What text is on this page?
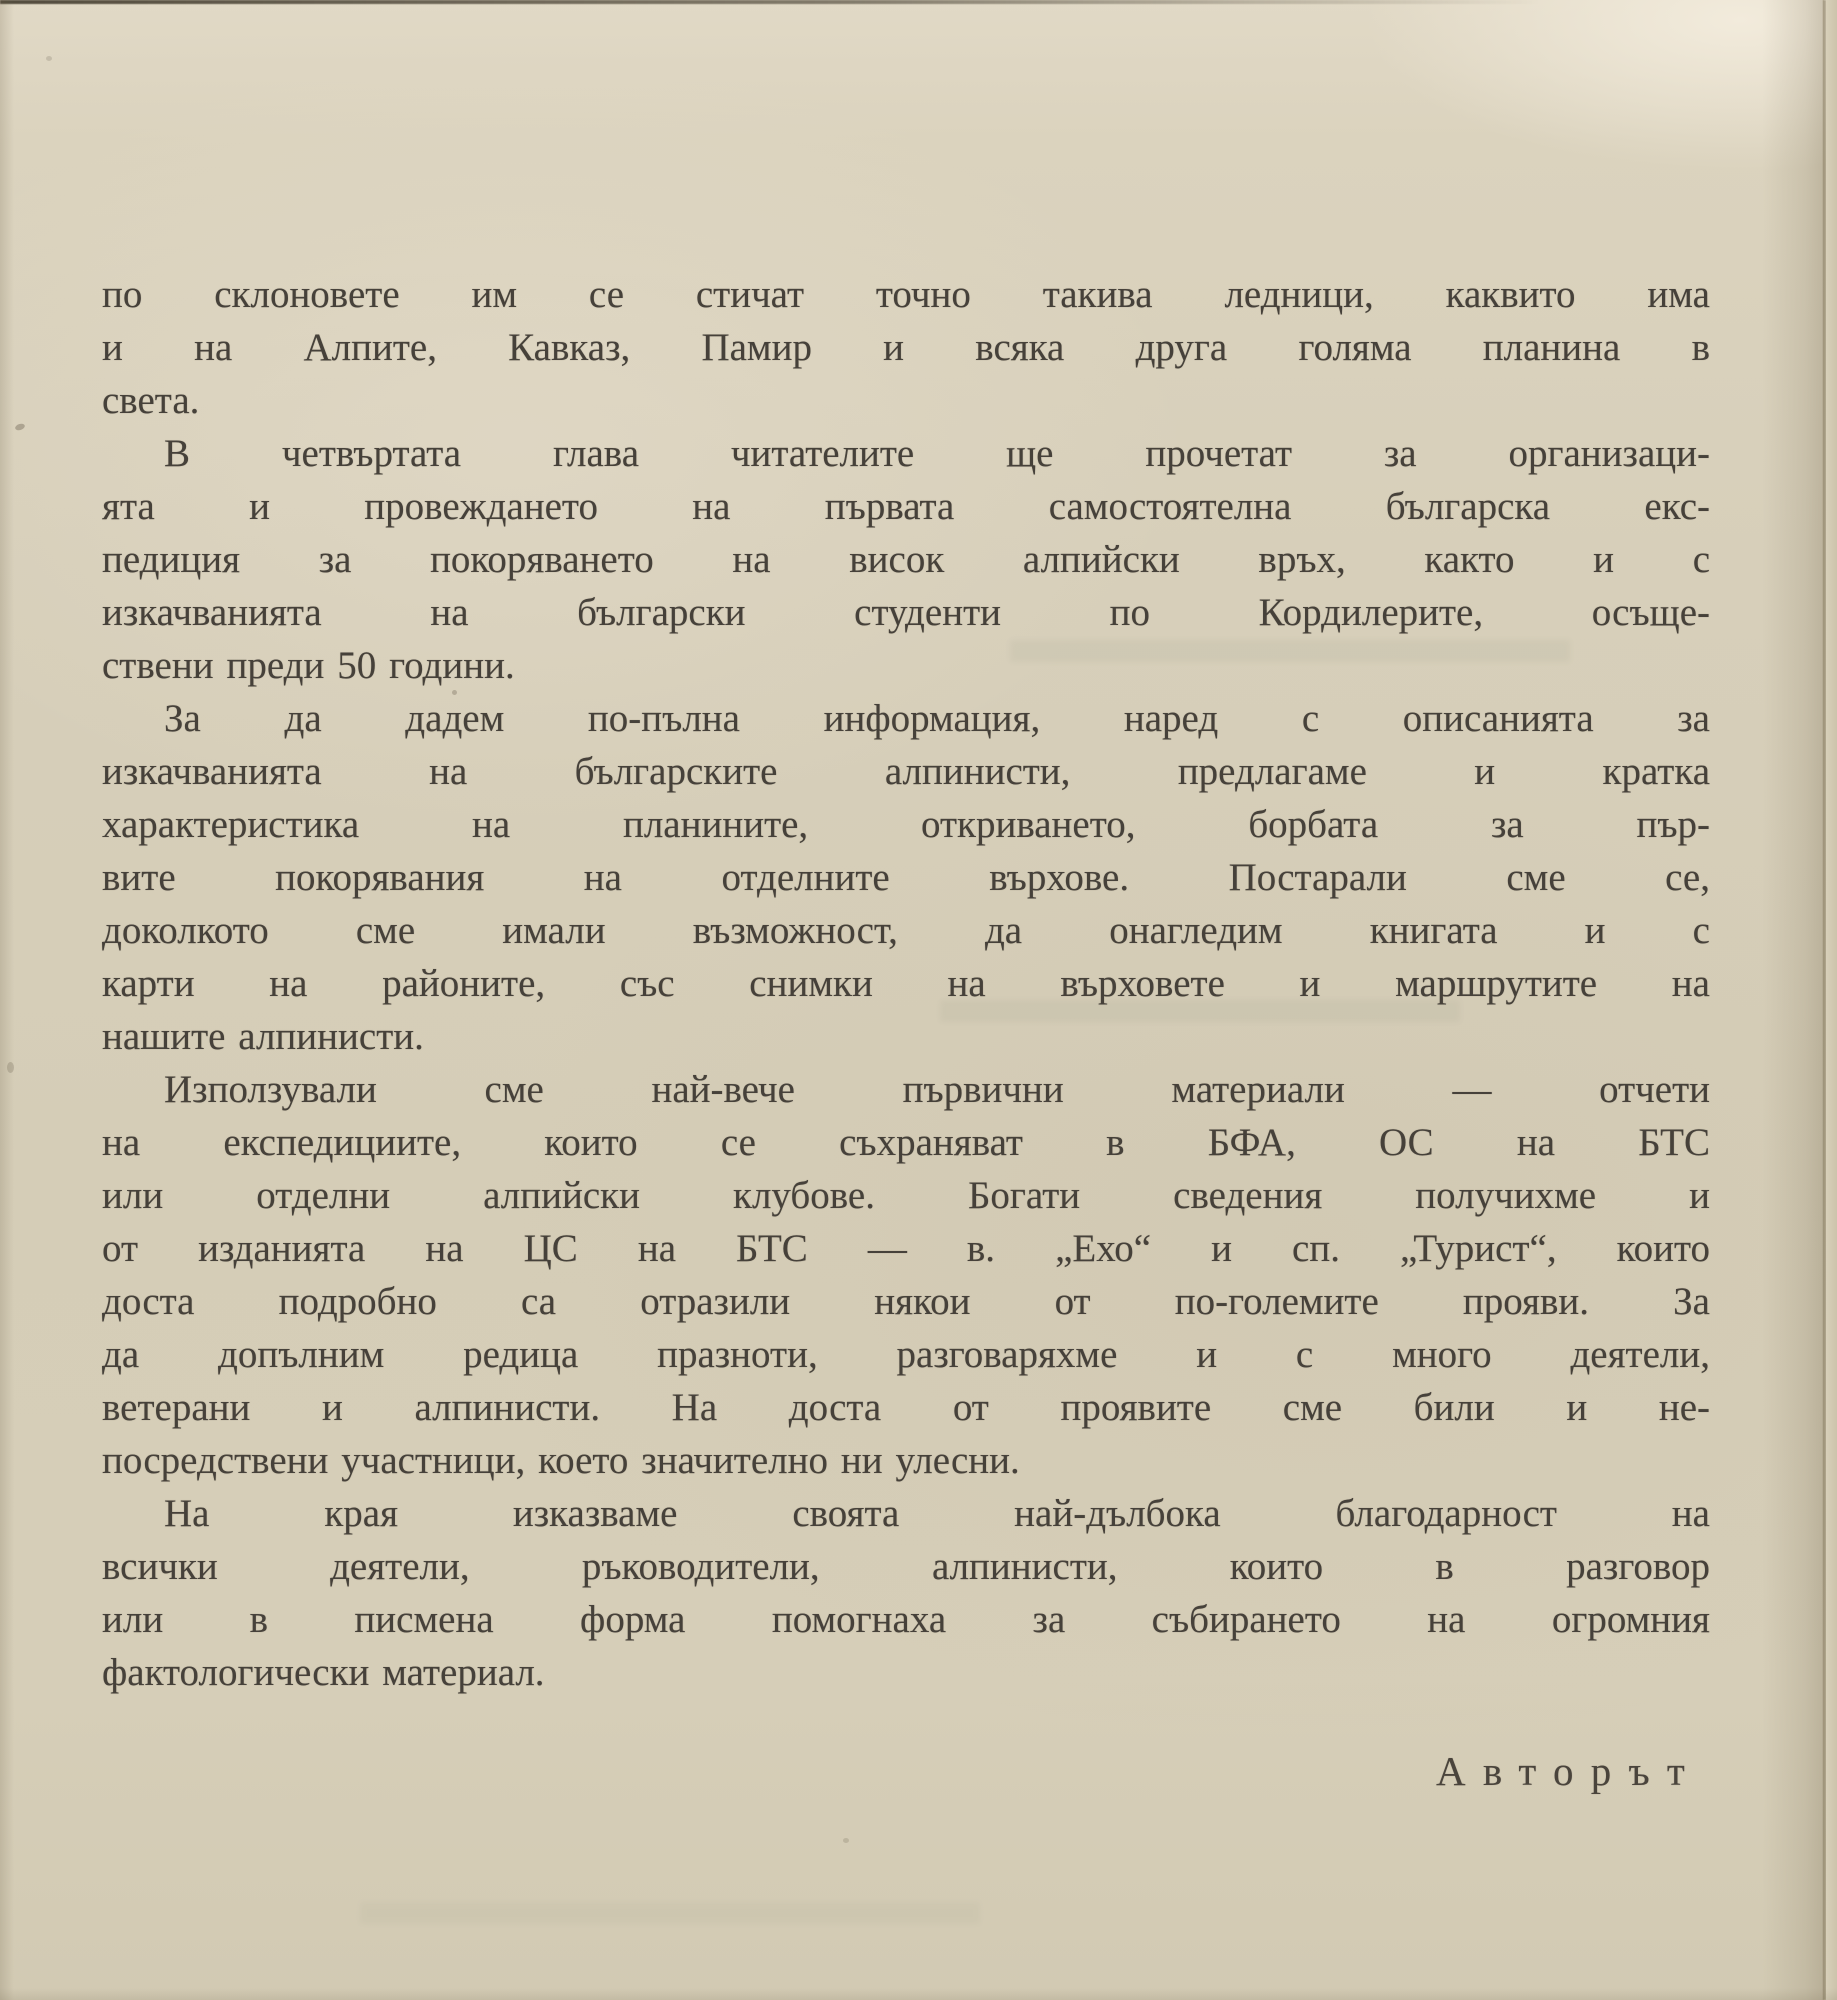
по склоновете им се стичат точно такива ледници, каквито има
и на Алпите, Кавказ, Памир и всяка друга голяма планина в
света.

В четвъртата глава читателите ще прочетат за организаци-
ята и провеждането на първата самостоятелна българска екс-
педиция за покоряването на висок алпийски връх, както и с
изкачванията на български студенти по Кордилерите, осъще-
ствени преди 50 години.

За да дадем по-пълна информация, наред с описанията за
изкачванията на българските алпинисти, предлагаме и кратка
характеристика на планините, откриването, борбата за пър-
вите покорявания на отделните върхове. Постарали сме се,
доколкото сме имали възможност, да онагледим книгата и с
карти на районите, със снимки на върховете и маршрутите на
нашите алпинисти.

Използували сме най-вече първични материали — отчети
на експедициите, които се съхраняват в БФА, ОС на БТС
или отделни алпийски клубове. Богати сведения получихме и
от изданията на ЦС на БТС — в. „Ехо“ и сп. „Турист“, които
доста подробно са отразили някои от по-големите прояви. За
да допълним редица празноти, разговаряхме и с много деятели,
ветерани и алпинисти. На доста от проявите сме били и не-
посредствени участници, което значително ни улесни.

На края изказваме своята най-дълбока благодарност на
всички деятели, ръководители, алпинисти, които в разговор
или в писмена форма помогнаха за събирането на огромния
фактологически материал.

Авторът
